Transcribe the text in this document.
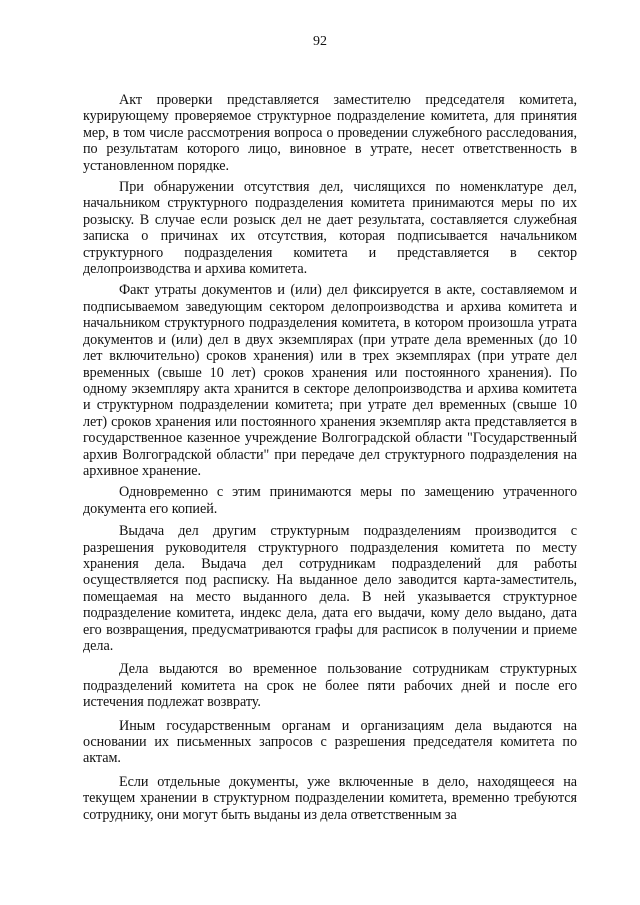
92

Акт проверки представляется заместителю председателя комитета, курирующему проверяемое структурное подразделение комитета, для принятия мер, в том числе рассмотрения вопроса о проведении служебного расследования, по результатам которого лицо, виновное в утрате, несет ответственность в установленном порядке.

При обнаружении отсутствия дел, числящихся по номенклатуре дел, начальником структурного подразделения комитета принимаются меры по их розыску. В случае если розыск дел не дает результата, составляется служебная записка о причинах их отсутствия, которая подписывается начальником структурного подразделения комитета и представляется в сектор делопроизводства и архива комитета.

Факт утраты документов и (или) дел фиксируется в акте, составляемом и подписываемом заведующим сектором делопроизводства и архива комитета и начальником структурного подразделения комитета, в котором произошла утрата документов и (или) дел в двух экземплярах (при утрате дела временных (до 10 лет включительно) сроков хранения) или в трех экземплярах (при утрате дел временных (свыше 10 лет) сроков хранения или постоянного хранения). По одному экземпляру акта хранится в секторе делопроизводства и архива комитета и структурном подразделении комитета; при утрате дел временных (свыше 10 лет) сроков хранения или постоянного хранения экземпляр акта представляется в государственное казенное учреждение Волгоградской области "Государственный архив Волгоградской области" при передаче дел структурного подразделения на архивное хранение.

Одновременно с этим принимаются меры по замещению утраченного документа его копией.

Выдача дел другим структурным подразделениям производится с разрешения руководителя структурного подразделения комитета по месту хранения дела. Выдача дел сотрудникам подразделений для работы осуществляется под расписку. На выданное дело заводится карта-заместитель, помещаемая на место выданного дела. В ней указывается структурное подразделение комитета, индекс дела, дата его выдачи, кому дело выдано, дата его возвращения, предусматриваются графы для расписок в получении и приеме дела.

Дела выдаются во временное пользование сотрудникам структурных подразделений комитета на срок не более пяти рабочих дней и после его истечения подлежат возврату.

Иным государственным органам и организациям дела выдаются на основании их письменных запросов с разрешения председателя комитета по актам.

Если отдельные документы, уже включенные в дело, находящееся на текущем хранении в структурном подразделении комитета, временно требуются сотруднику, они могут быть выданы из дела ответственным за
